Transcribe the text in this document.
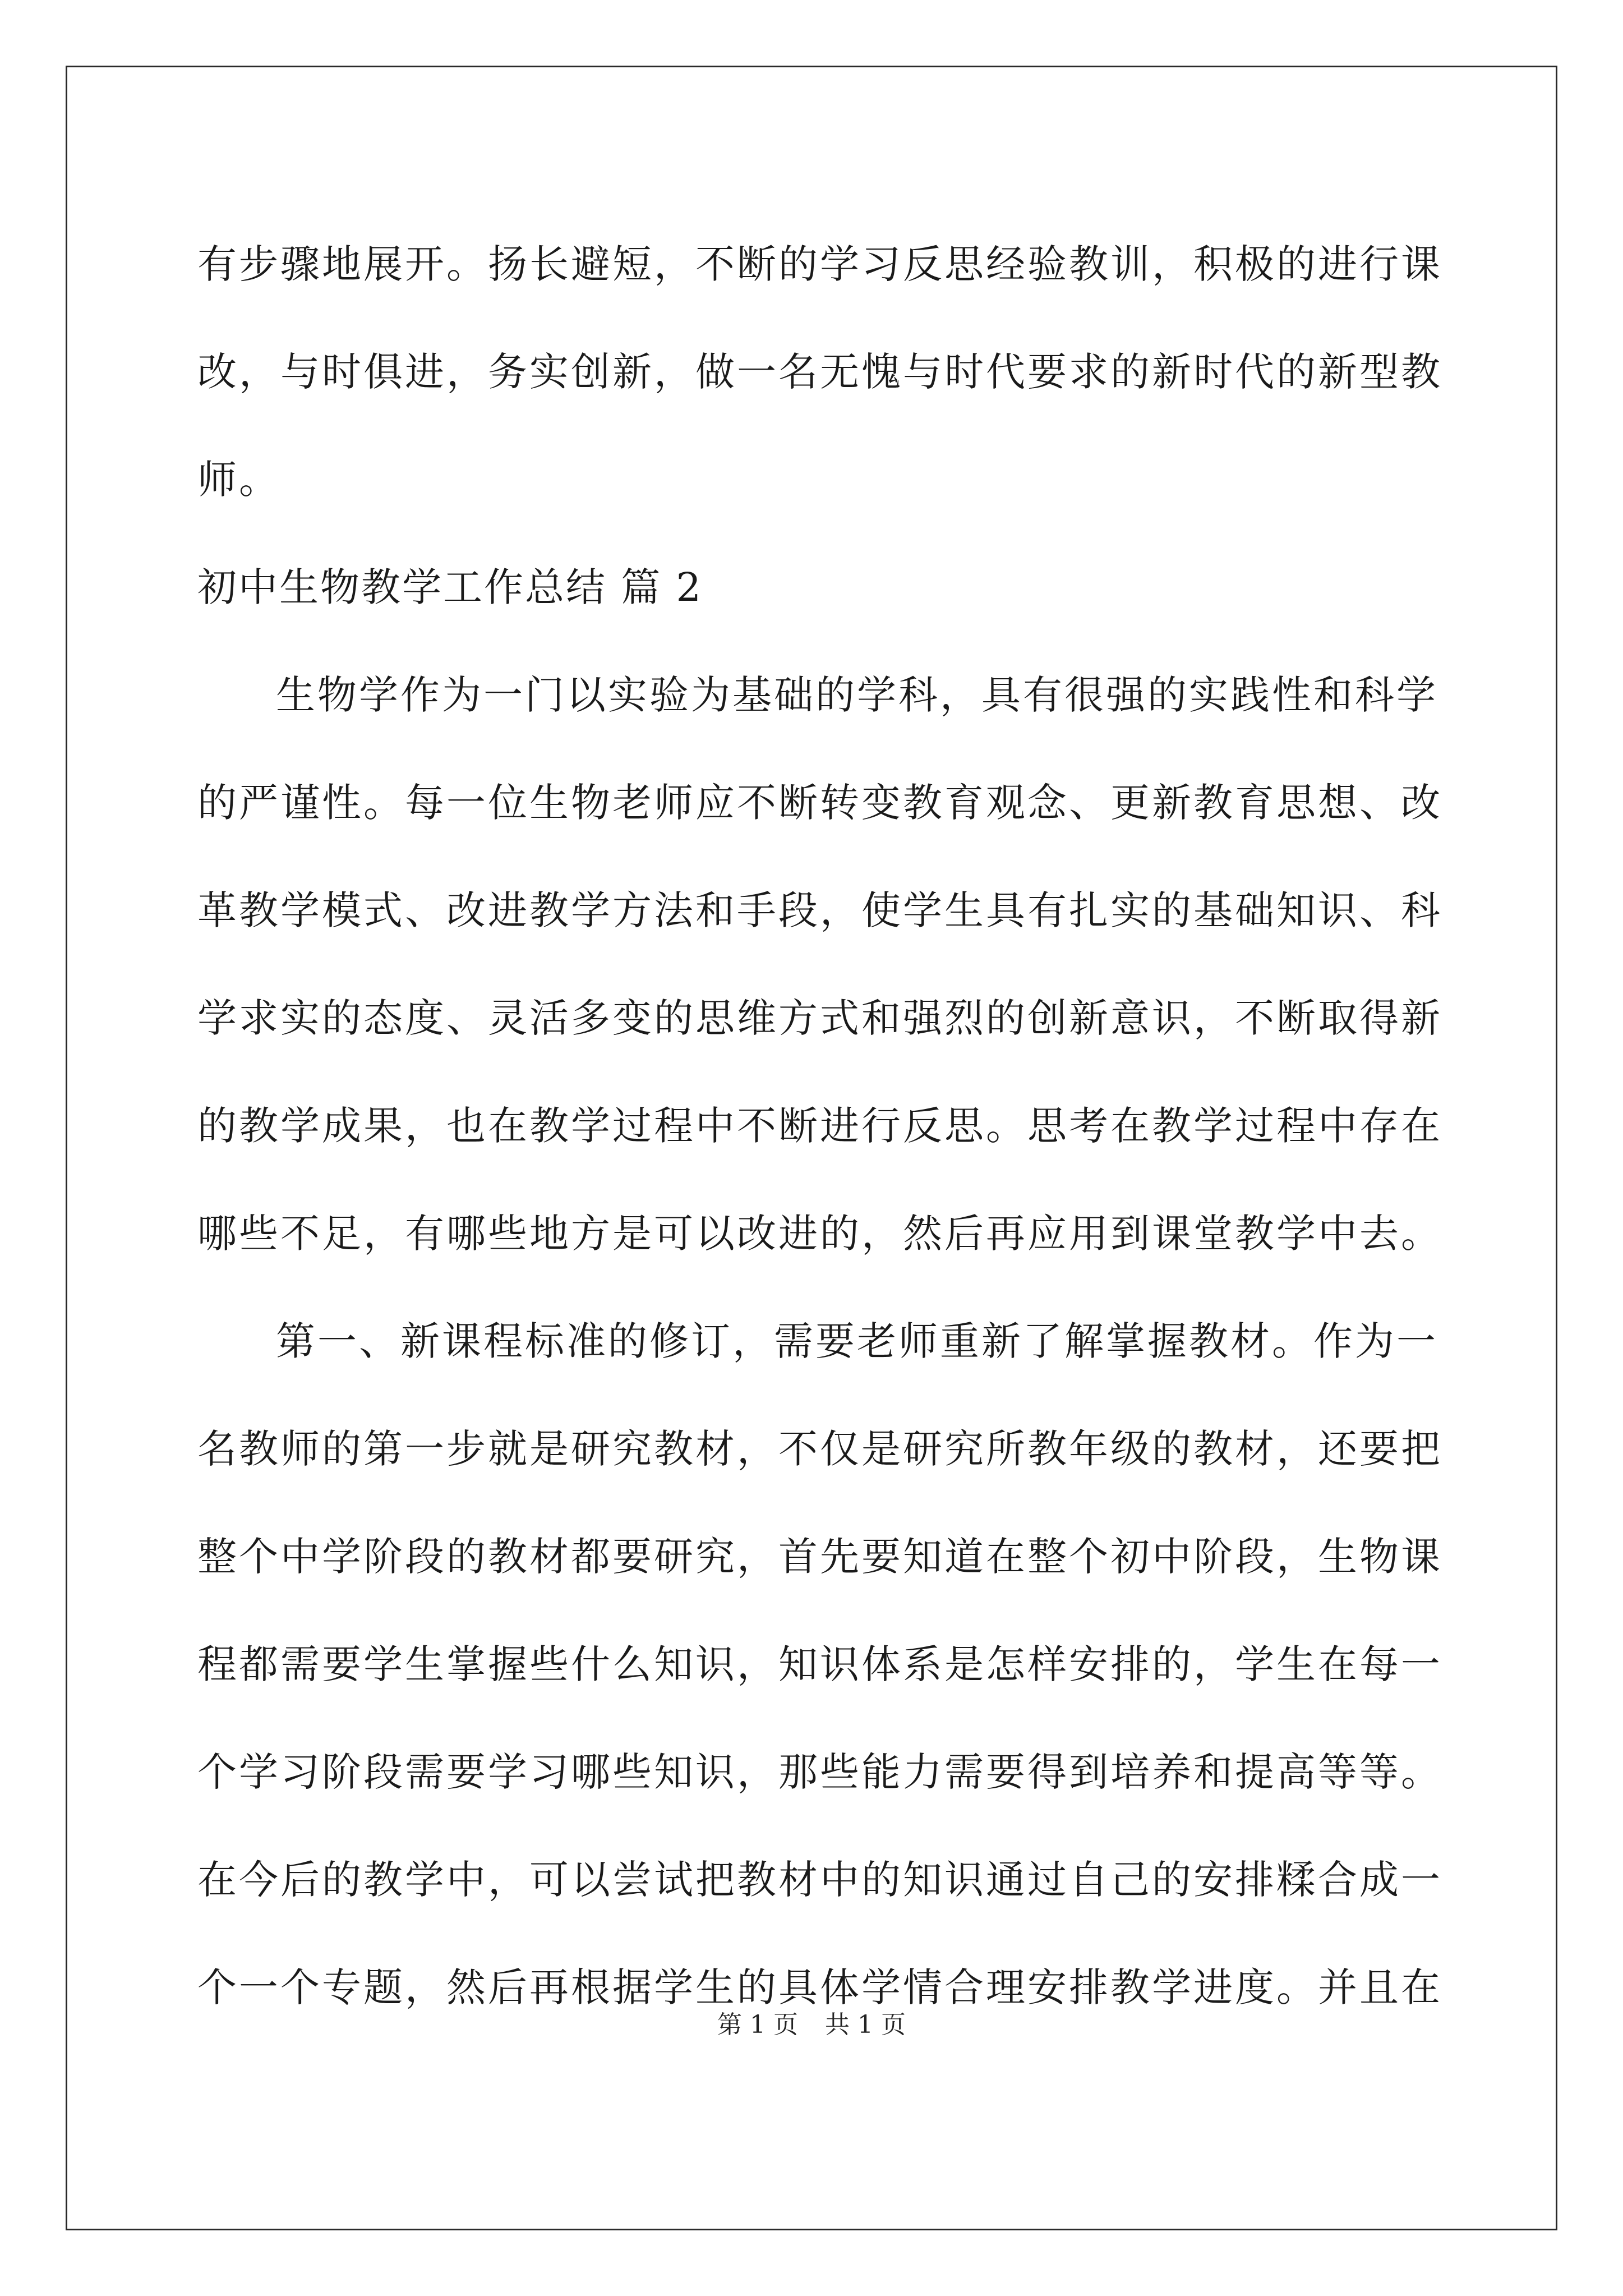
有步骤地展开。扬长避短，不断的学习反思经验教训，积极的进行课
改，与时俱进，务实创新，做一名无愧与时代要求的新时代的新型教
师。
初中生物教学工作总结 篇 2
生物学作为一门以实验为基础的学科，具有很强的实践性和科学
的严谨性。每一位生物老师应不断转变教育观念、更新教育思想、改
革教学模式、改进教学方法和手段，使学生具有扎实的基础知识、科
学求实的态度、灵活多变的思维方式和强烈的创新意识，不断取得新
的教学成果，也在教学过程中不断进行反思。思考在教学过程中存在
哪些不足，有哪些地方是可以改进的，然后再应用到课堂教学中去。
第一、新课程标准的修订，需要老师重新了解掌握教材。作为一
名教师的第一步就是研究教材，不仅是研究所教年级的教材，还要把
整个中学阶段的教材都要研究，首先要知道在整个初中阶段，生物课
程都需要学生掌握些什么知识，知识体系是怎样安排的，学生在每一
个学习阶段需要学习哪些知识，那些能力需要得到培养和提高等等。
在今后的教学中，可以尝试把教材中的知识通过自己的安排糅合成一
个一个专题，然后再根据学生的具体学情合理安排教学进度。并且在
第 1 页 共 1 页
